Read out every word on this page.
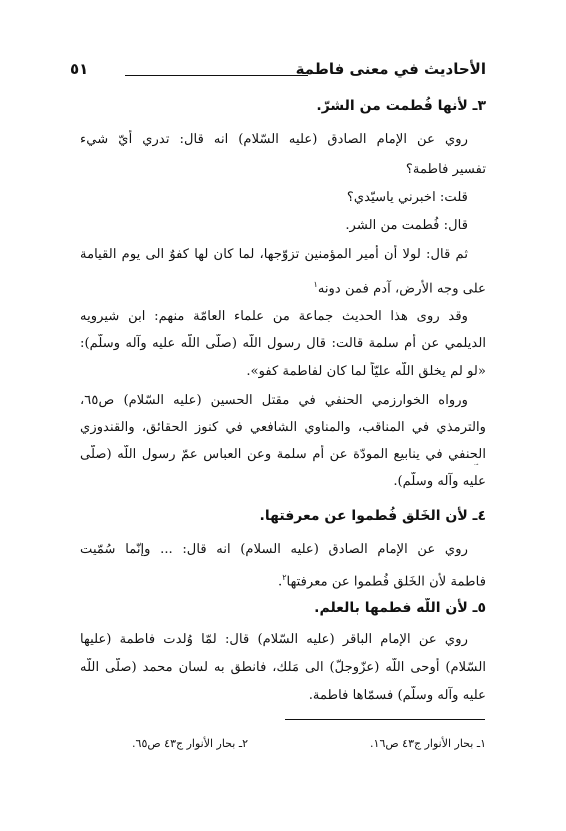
الأحاديث في معنى فاطمة
٥١
٣ـ لأنها فُطمت من الشرّ.
روي عن الإمام الصادق (عليه السّلام) انه قال: تدري أيّ شيء
تفسير فاطمة؟
قلت: اخبرني ياسيّدي؟
قال: فُطمت من الشر.
ثم قال: لولا أن أمير المؤمنين تزوّجها، لما كان لها كفوٌ الى يوم القيامة
على وجه الأرض، آدم فمن دونه$^١$
وقد روى هذا الحديث جماعة من علماء العامّة منهم: ابن شيرويه
الديلمي عن أُم سلمة قالت: قال رسول اللّه (صلّى اللّه عليه وآله وسلّم):
«لو لم يخلق اللّه عليّاً لما كان لفاطمة كفو».
ورواه الخوارزمي الحنفي في مقتل الحسين (عليه السّلام) ص٦٥،
والترمذي في المناقب، والمناوي الشافعي في كنوز الحقائق، والقندوزي
الحنفي في ينابيع المودّة عن أُم سلمة وعن العباس عمّ رسول اللّه (صلّى
عليه وآله وسلّم).
٤ـ لأن الخَلق فُطموا عن معرفتها.
روي عن الإمام الصادق (عليه السلام) انه قال: ... وإنّما سُمّيت
فاطمة لأن الخَلق فُطموا عن معرفتها$^٢$.
٥ـ لأن اللّه فطمها بالعلم.
روي عن الإمام الباقر (عليه السّلام) قال: لمّا وُلدت فاطمة (عليها
السّلام) أوحى اللّه (عزّوجلّ) الى مَلك، فانطق به لسان محمد (صلّى اللّه
عليه وآله وسلّم) فسمّاها فاطمة.
١ـ بحار الأنوار ج٤٣ ص١٦.
٢ـ بحار الأنوار ج٤٣ ص٦٥.
